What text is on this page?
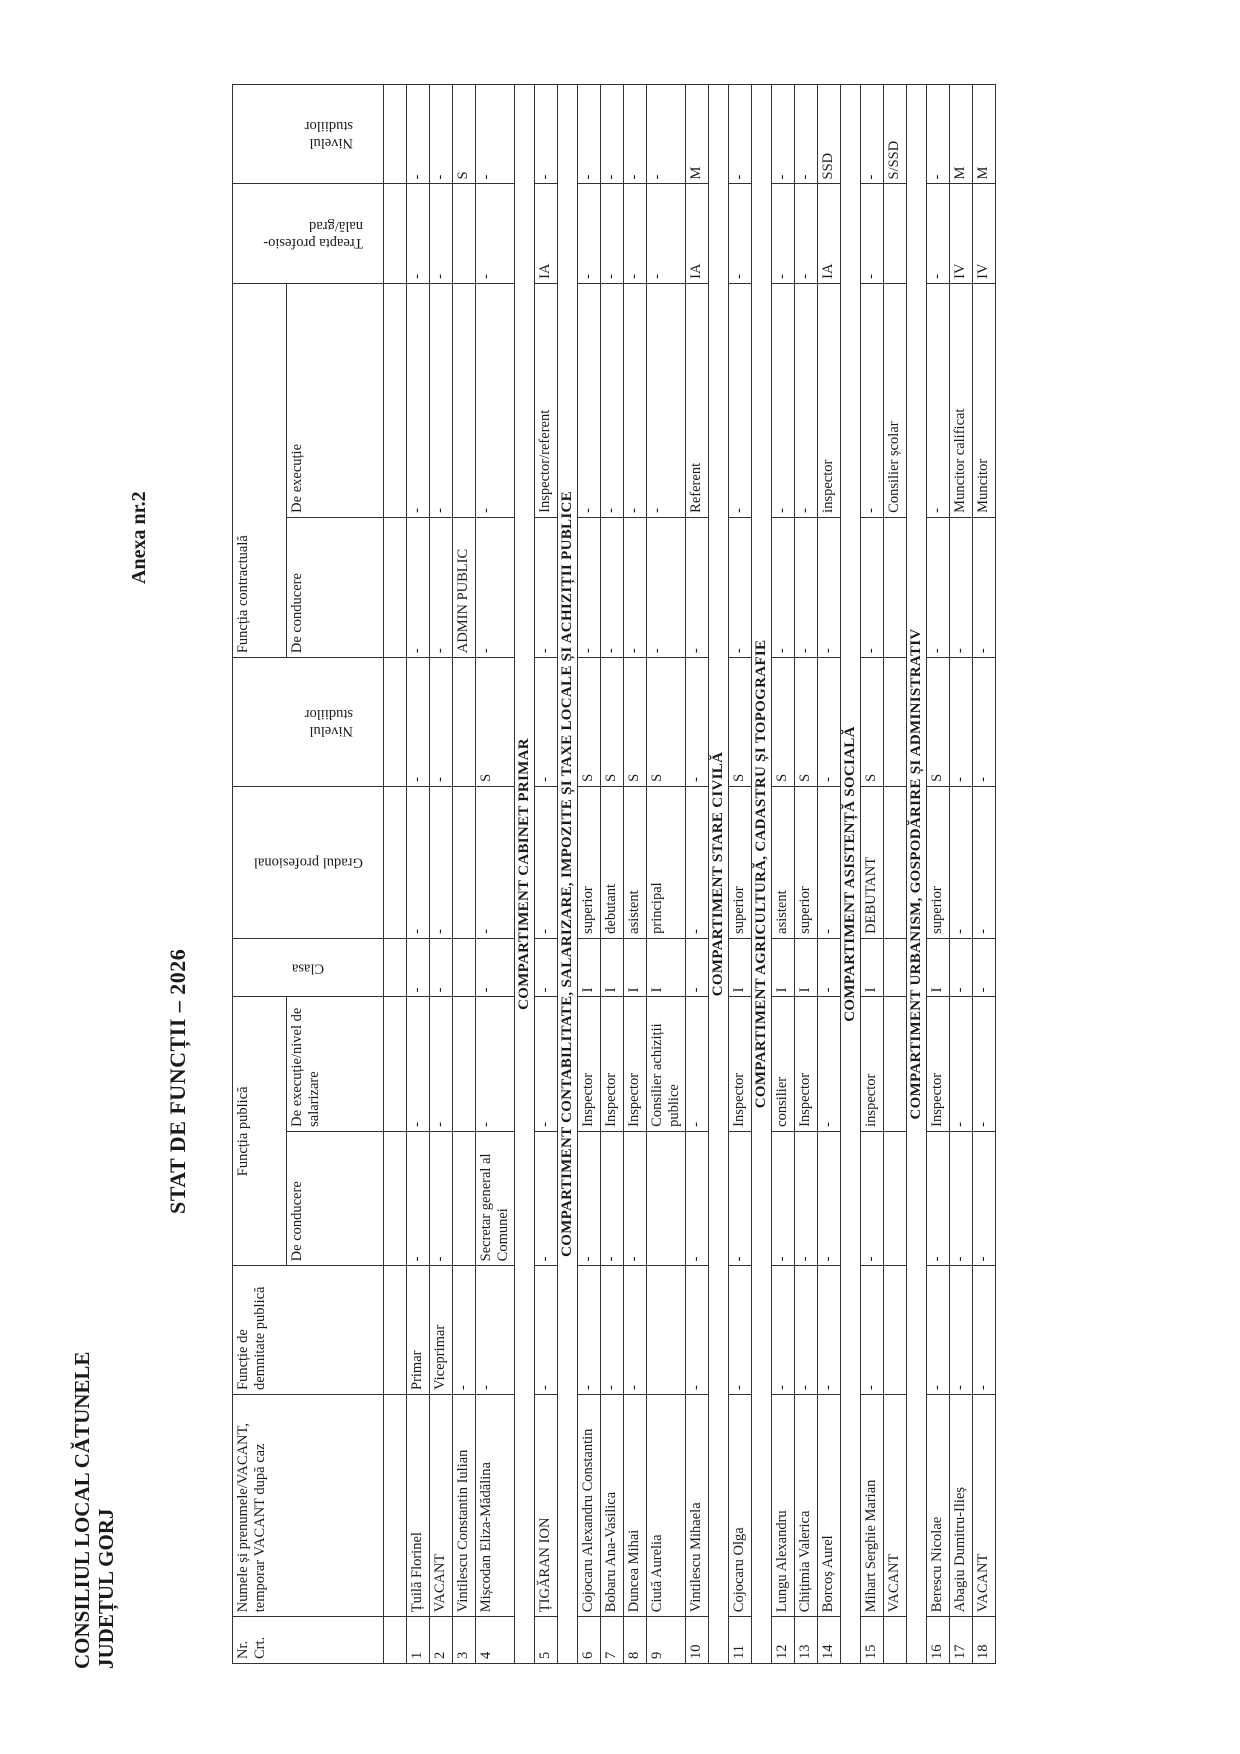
CONSILIUL LOCAL CĂTUNELE JUDEȚUL GORJ
Anexa nr.2
STAT DE FUNCȚII – 2026
Nr. Crt.	Numele și prenumele/VACANT, temporar VACANT după caz	Funcție de demnitate publică	Funcția publică		Clasa	Gradul profesional	Nivelul studiilor	Funcția contractuală		Treapta profesio-nală/grad	Nivelul studiilor

			De conducere	De execuție/nivel de salarizare				De conducere	De execuție		

1	Țuilă Florinel	Primar	-	-	-	-	-	-	-	-	-
2	VACANT	Viceprimar	-	-	-	-	-	-	-	-	-
3	Vintilescu Constantin Iulian	-						ADMIN PUBLIC			S
4	Mișcodan Eliza-Mădălina	-	Secretar general al Comunei	-	-	-	S	-	-	-	-
COMPARTIMENT CABINET PRIMAR											
5	ȚIGĂRAN ION	-	-	-	-	-	-	-	Inspector/referent	IA	-
COMPARTIMENT CONTABILITATE, SALARIZARE, IMPOZITE ȘI TAXE LOCALE ȘI ACHIZIȚII PUBLICE											
6	Cojocaru Alexandru Constantin	-	-	Inspector	I	superior	S	-	-	-	-
7	Bobaru Ana-Vasilica	-	-	Inspector	I	debutant	S	-	-	-	-
8	Duncea Mihai	-	-	Inspector	I	asistent	S	-	-	-	-
9	Ciută Aurelia			Consilier achiziții publice	I	principal	S	-	-	-	-
10	Vintilescu Mihaela	-	-	-	-	-	-	-	Referent	IA	M
COMPARTIMENT STARE CIVILĂ											
11	Cojocaru Olga	-	-	Inspector	I	superior	S	-	-	-	-
COMPARTIMENT AGRICULTURĂ, CADASTRU ȘI TOPOGRAFIE											
12	Lungu Alexandru	-	-	consilier	I	asistent	S	-	-	-	-
13	Chițimia Valerica	-	-	Inspector	I	superior	S	-	-	-	-
14	Borcoș Aurel	-	-	-	-	-	-	-	inspector	IA	SSD
COMPARTIMENT ASISTENȚĂ SOCIALĂ											
15	Mihart Serghie Marian	-	-	inspector	I	DEBUTANT	S	-	-	-	-
	VACANT								Consilier școlar		S/SSD
COMPARTIMENT URBANISM, GOSPODĂRIRE ȘI ADMINISTRATIV											
16	Berescu Nicolae	-	-	Inspector	I	superior	S	-	-	-	-
17	Abagiu Dumitru-Ilieș	-	-	-	-	-	-	-	Muncitor calificat	IV	M
18	VACANT	-	-	-	-	-	-	-	Muncitor	IV	M
